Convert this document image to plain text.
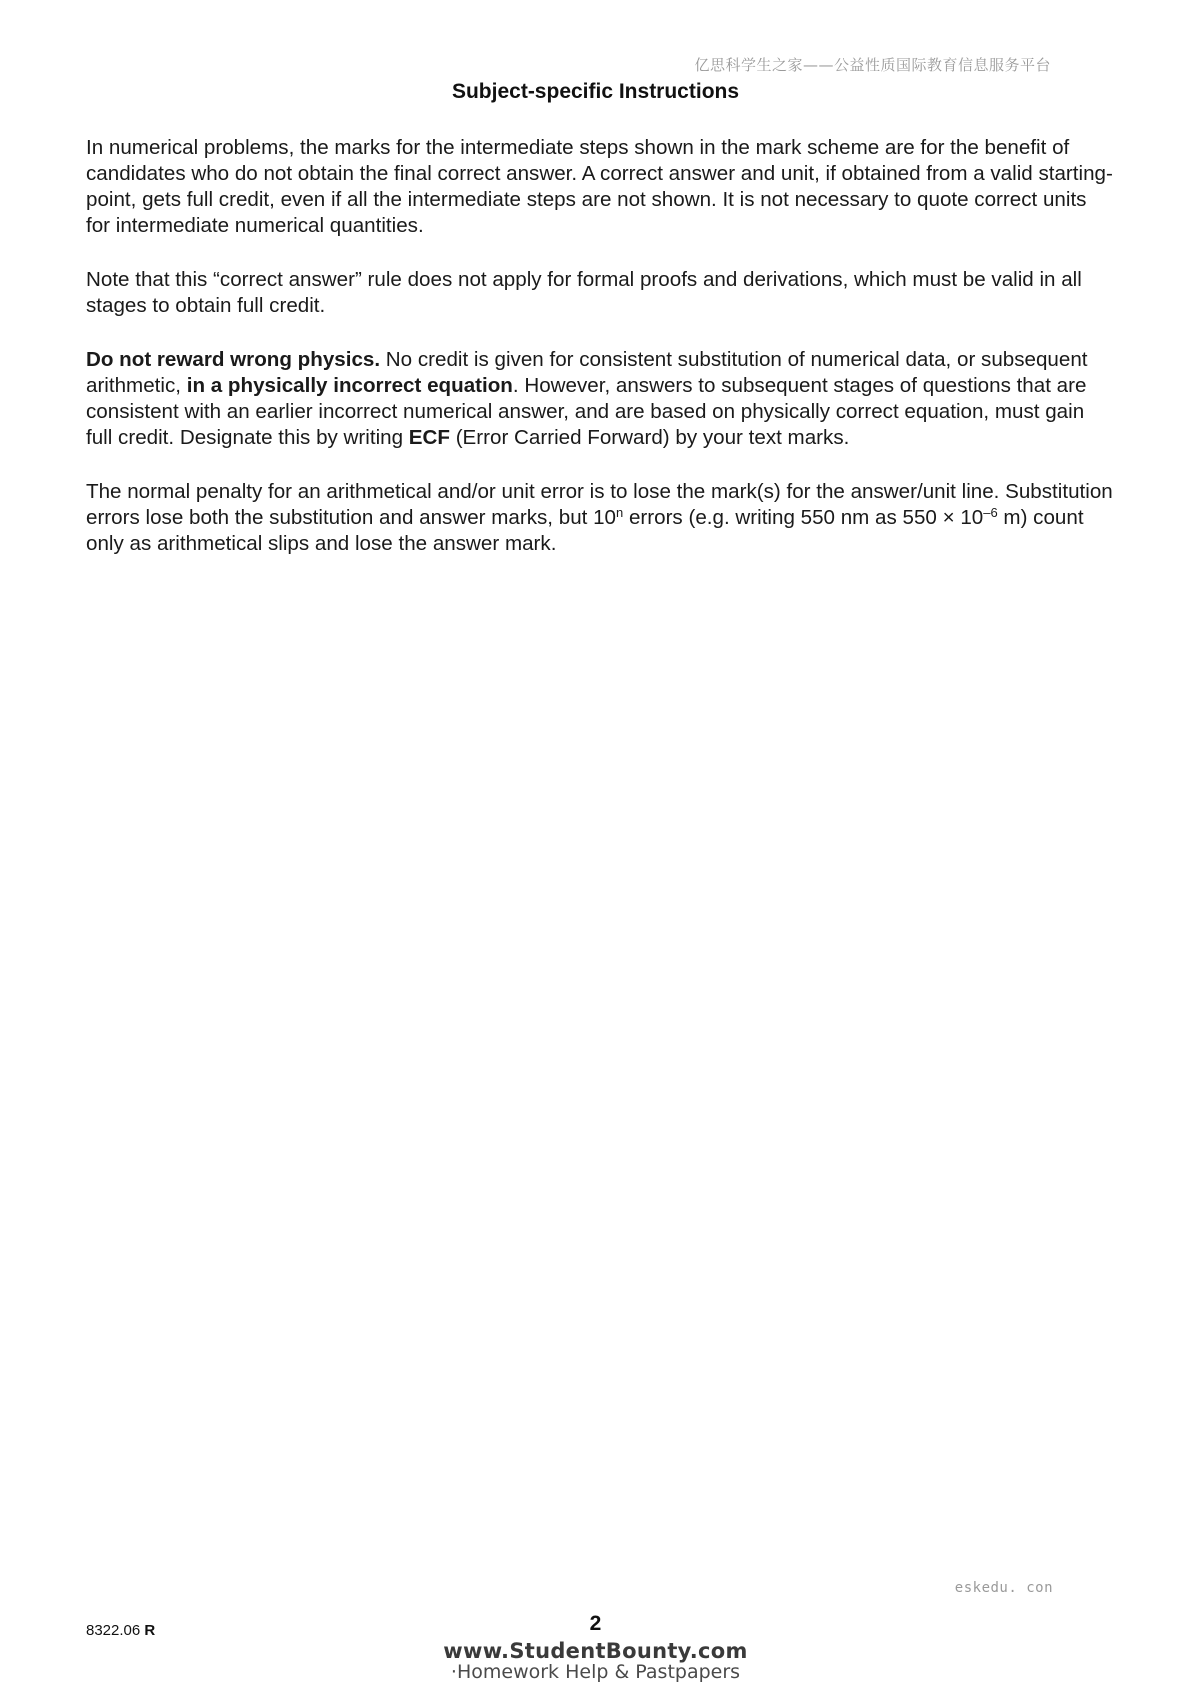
亿思科学生之家——公益性质国际教育信息服务平台
Subject-specific Instructions

In numerical problems, the marks for the intermediate steps shown in the mark scheme are for the benefit of candidates who do not obtain the final correct answer. A correct answer and unit, if obtained from a valid starting-point, gets full credit, even if all the intermediate steps are not shown. It is not necessary to quote correct units for intermediate numerical quantities.

Note that this “correct answer” rule does not apply for formal proofs and derivations, which must be valid in all stages to obtain full credit.

Do not reward wrong physics. No credit is given for consistent substitution of numerical data, or subsequent arithmetic, in a physically incorrect equation. However, answers to subsequent stages of questions that are consistent with an earlier incorrect numerical answer, and are based on physically correct equation, must gain full credit. Designate this by writing ECF (Error Carried Forward) by your text marks.

The normal penalty for an arithmetical and/or unit error is to lose the mark(s) for the answer/unit line. Substitution errors lose both the substitution and answer marks, but 10$^n$ errors (e.g. writing 550 nm as $550 \times 10^{-6}$ m) count only as arithmetical slips and lose the answer mark.

eskedu. con
8322.06 R	2
www.StudentBounty.com
·Homework Help & Pastpapers
